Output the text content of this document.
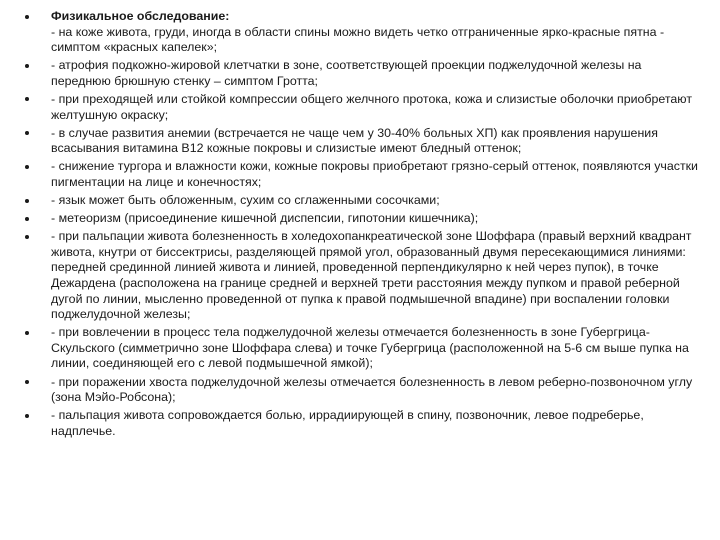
Физикальное обследование:
- на коже живота, груди, иногда в области спины можно видеть четко отграниченные ярко-красные пятна - симптом «красных капелек»;
- атрофия подкожно-жировой клетчатки в зоне, соответствующей проекции поджелудочной железы на переднюю брюшную стенку – симптом Гротта;
- при преходящей или стойкой компрессии общего желчного протока, кожа и слизистые оболочки приобретают желтушную окраску;
- в случае развития анемии (встречается не чаще чем у 30-40% больных ХП) как проявления нарушения всасывания витамина В12 кожные покровы и слизистые имеют бледный оттенок;
- снижение тургора и влажности кожи, кожные покровы приобретают грязно-серый оттенок, появляются участки пигментации на лице и конечностях;
- язык может быть обложенным, сухим со сглаженными сосочками;
- метеоризм (присоединение кишечной диспепсии, гипотонии кишечника);
- при пальпации живота болезненность в холедохопанкреатической зоне Шоффара (правый верхний квадрант живота, кнутри от биссектрисы, разделяющей прямой угол, образованный двумя пересекающимися линиями: передней срединной линией живота и линией, проведенной перпендикулярно к ней через пупок), в точке Дежардена (расположена на границе средней и верхней трети расстояния между пупком и правой реберной дугой по линии, мысленно проведенной от пупка к правой подмышечной впадине) при воспалении головки поджелудочной железы;
- при вовлечении в процесс тела поджелудочной железы отмечается болезненность в зоне Губергрица-Скульского (симметрично зоне Шоффара слева) и точке Губергрица (расположенной на 5-6 см выше пупка на линии, соединяющей его с левой подмышечной ямкой);
- при поражении хвоста поджелудочной железы отмечается болезненность в левом реберно-позвоночном углу (зона Мэйо-Робсона);
- пальпация живота сопровождается болью, иррадиирующей в спину, позвоночник, левое подреберье, надплечье.
